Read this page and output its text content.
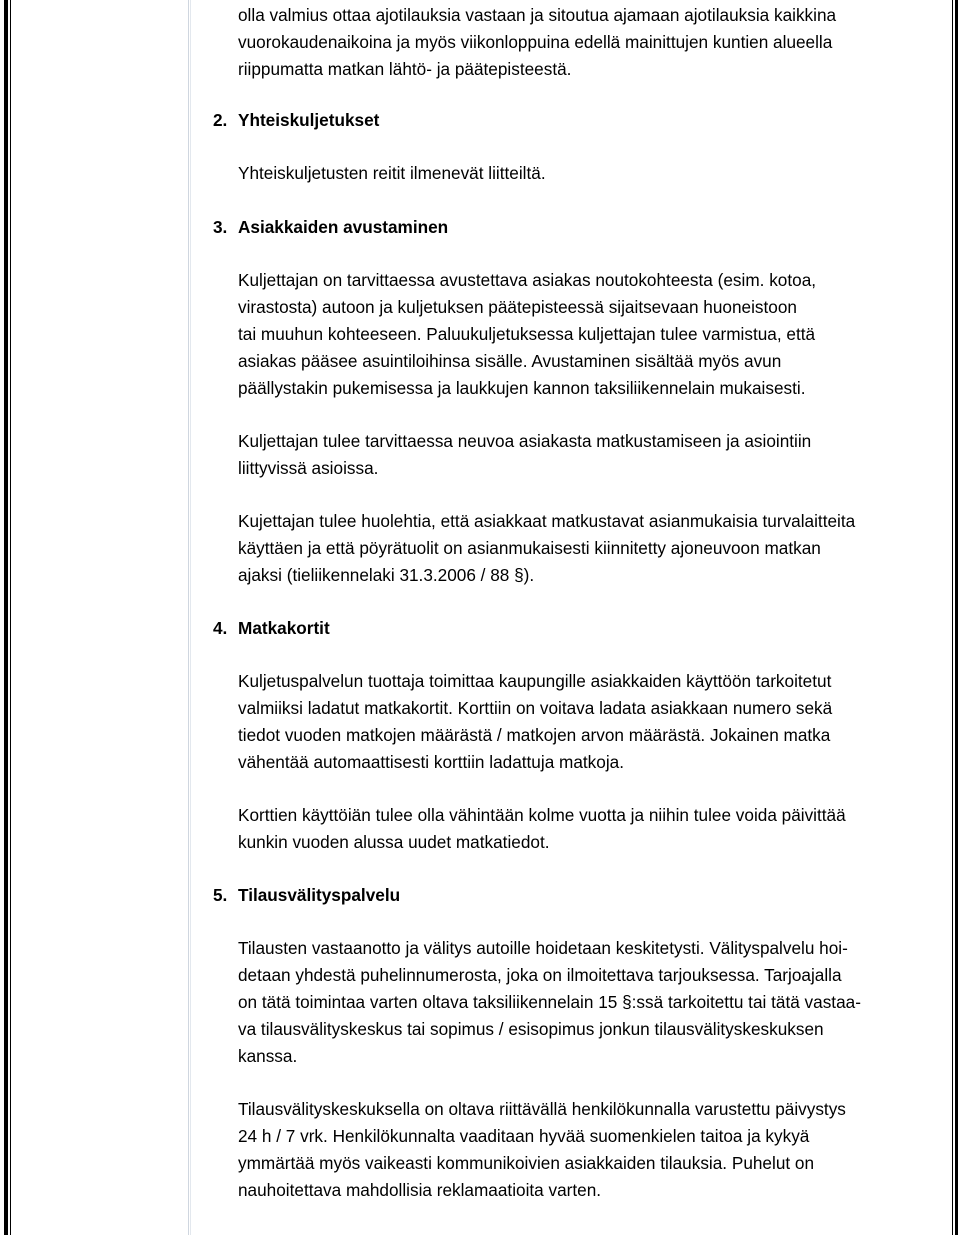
olla valmius ottaa ajotilauksia vastaan ja sitoutua ajamaan ajotilauksia kaikkina
vuorokaudenaikoina ja myös viikonloppuina edellä mainittujen kuntien alueella
riippumatta matkan lähtö- ja päätepisteestä.
2. Yhteiskuljetukset
Yhteiskuljetusten reitit ilmenevät liitteiltä.
3. Asiakkaiden avustaminen
Kuljettajan on tarvittaessa avustettava asiakas noutokohteesta (esim. kotoa,
virastosta) autoon ja kuljetuksen päätepisteessä sijaitsevaan huoneistoon
tai muuhun kohteeseen. Paluukuljetuksessa kuljettajan tulee varmistua, että
asiakas pääsee asuintiloihinsa sisälle. Avustaminen sisältää myös avun
päällystakin pukemisessa ja laukkujen kannon taksiliikennelain mukaisesti.
Kuljettajan tulee tarvittaessa neuvoa asiakasta matkustamiseen ja asiointiin
liittyvissä asioissa.
Kujettajan tulee huolehtia, että asiakkaat matkustavat asianmukaisia turvalaitteita
käyttäen ja että pöyrätuolit on asianmukaisesti kiinnitetty ajoneuvoon matkan
ajaksi (tieliikennelaki 31.3.2006 / 88 §).
4. Matkakortit
Kuljetuspalvelun tuottaja toimittaa kaupungille asiakkaiden käyttöön tarkoitetut
valmiiksi ladatut matkakortit. Korttiin on voitava ladata asiakkaan numero sekä
tiedot vuoden matkojen määrästä / matkojen arvon määrästä. Jokainen matka
vähentää automaattisesti korttiin ladattuja matkoja.
Korttien käyttöiän tulee olla vähintään kolme vuotta ja niihin tulee voida päivittää
kunkin vuoden alussa uudet matkatiedot.
5. Tilausvälityspalvelu
Tilausten vastaanotto ja välitys autoille hoidetaan keskitetysti. Välityspalvelu hoi-
detaan yhdestä puhelinnumerosta, joka on ilmoitettava tarjouksessa. Tarjoajalla
on tätä toimintaa varten oltava taksiliikennelain 15 §:ssä tarkoitettu tai tätä vastaa-
va tilausvälityskeskus tai sopimus / esisopimus jonkun tilausvälityskeskuksen
kanssa.
Tilausvälityskeskuksella on oltava riittävällä henkilökunnalla varustettu päivystys
24 h / 7 vrk. Henkilökunnalta vaaditaan hyvää suomenkielen taitoa ja kykyä
ymmärtää myös vaikeasti kommunikoivien asiakkaiden tilauksia. Puhelut on
nauhoitettava mahdollisia reklamaatioita varten.
